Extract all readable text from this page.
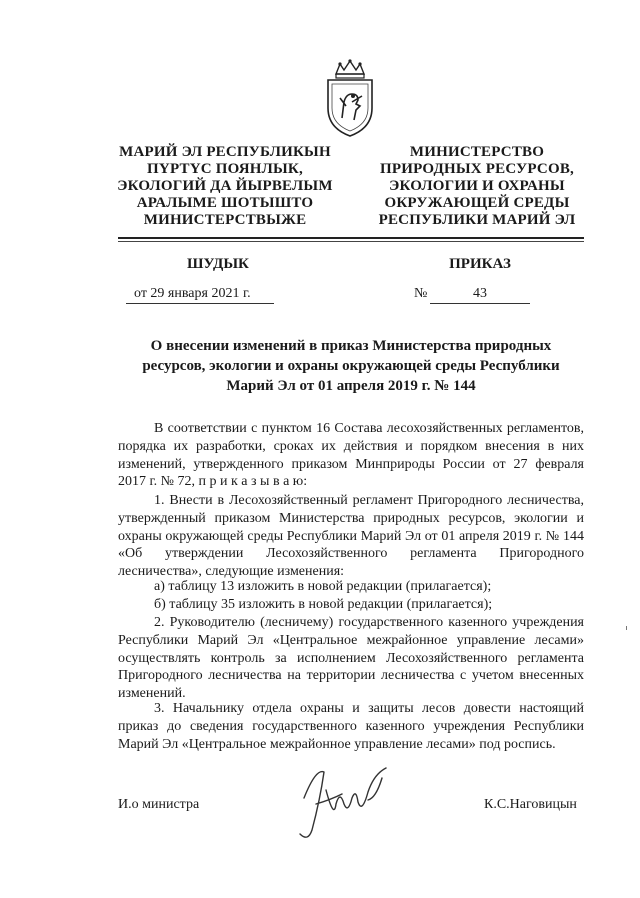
МАРИЙ ЭЛ РЕСПУБЛИКЫН
ПҮРТҮС ПОЯНЛЫК,
ЭКОЛОГИЙ ДА ЙЫРВЕЛЫМ
АРАЛЫМЕ ШОТЫШТО
МИНИСТЕРСТВЫЖЕ
МИНИСТЕРСТВО
ПРИРОДНЫХ РЕСУРСОВ,
ЭКОЛОГИИ И ОХРАНЫ
ОКРУЖАЮЩЕЙ СРЕДЫ
РЕСПУБЛИКИ МАРИЙ ЭЛ
ШУДЫК	ПРИКАЗ
от 29 января 2021 г.	№	43
О внесении изменений в приказ Министерства природных ресурсов, экологии и охраны окружающей среды Республики Марий Эл от 01 апреля 2019 г. № 144
В соответствии с пунктом 16 Состава лесохозяйственных регламентов, порядка их разработки, сроках их действия и порядком внесения в них изменений, утвержденного приказом Минприроды России от 27 февраля 2017 г. № 72, п р и к а з ы в а ю:
1. Внести в Лесохозяйственный регламент Пригородного лесничества, утвержденный приказом Министерства природных ресурсов, экологии и охраны окружающей среды Республики Марий Эл от 01 апреля 2019 г. № 144 «Об утверждении Лесохозяйственного регламента Пригородного лесничества», следующие изменения:
а) таблицу 13 изложить в новой редакции (прилагается);
б) таблицу 35 изложить в новой редакции (прилагается);
2. Руководителю (лесничему) государственного казенного учреждения Республики Марий Эл «Центральное межрайонное управление лесами» осуществлять контроль за исполнением Лесохозяйственного регламента Пригородного лесничества на территории лесничества с учетом внесенных изменений.
3. Начальнику отдела охраны и защиты лесов довести настоящий приказ до сведения государственного казенного учреждения Республики Марий Эл «Центральное межрайонное управление лесами» под роспись.
И.о министра	К.С.Наговицын
